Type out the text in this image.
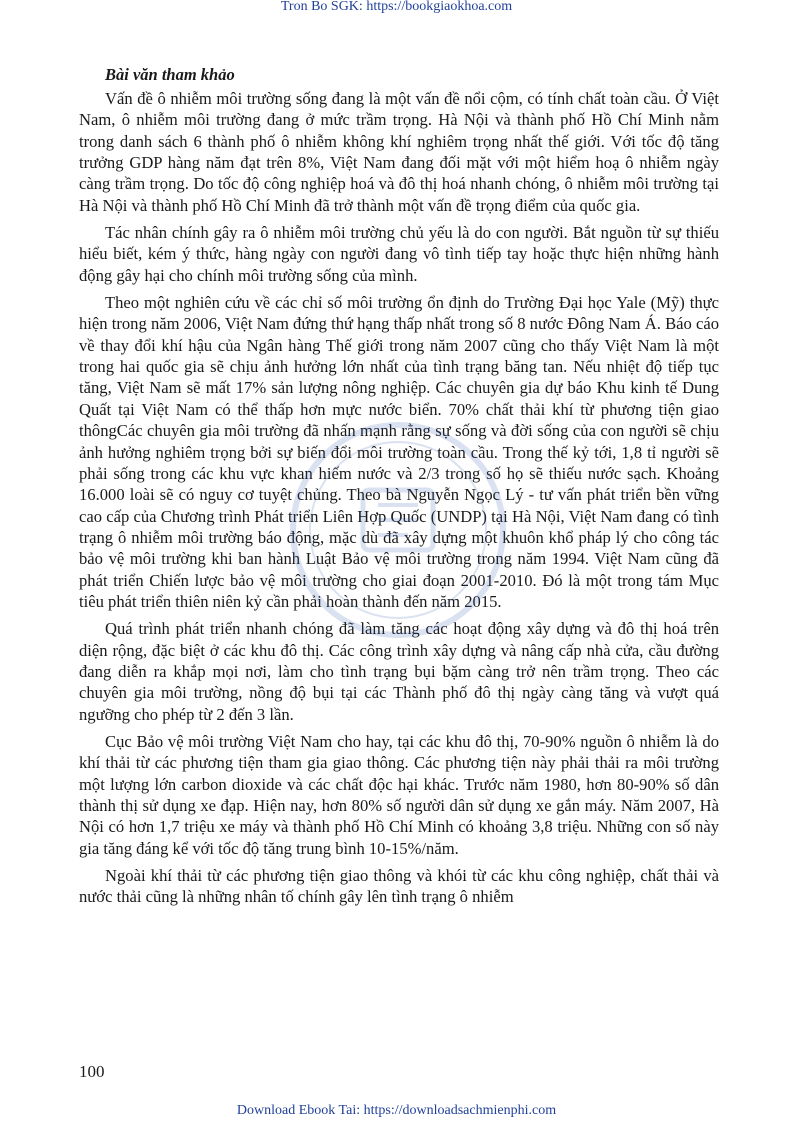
Tron Bo SGK: https://bookgiaokhoa.com
Bài văn tham khảo

Vấn đề ô nhiễm môi trường sống đang là một vấn đề nổi cộm, có tính chất toàn cầu. Ở Việt Nam, ô nhiễm môi trường đang ở mức trầm trọng. Hà Nội và thành phố Hồ Chí Minh nằm trong danh sách 6 thành phố ô nhiễm không khí nghiêm trọng nhất thế giới. Với tốc độ tăng trưởng GDP hàng năm đạt trên 8%, Việt Nam đang đối mặt với một hiểm hoạ ô nhiễm ngày càng trầm trọng. Do tốc độ công nghiệp hoá và đô thị hoá nhanh chóng, ô nhiễm môi trường tại Hà Nội và thành phố Hồ Chí Minh đã trở thành một vấn đề trọng điểm của quốc gia.

Tác nhân chính gây ra ô nhiễm môi trường chủ yếu là do con người. Bắt nguồn từ sự thiếu hiểu biết, kém ý thức, hàng ngày con người đang vô tình tiếp tay hoặc thực hiện những hành động gây hại cho chính môi trường sống của mình.

Theo một nghiên cứu về các chỉ số môi trường ổn định do Trường Đại học Yale (Mỹ) thực hiện trong năm 2006, Việt Nam đứng thứ hạng thấp nhất trong số 8 nước Đông Nam Á. Báo cáo về thay đổi khí hậu của Ngân hàng Thế giới trong năm 2007 cũng cho thấy Việt Nam là một trong hai quốc gia sẽ chịu ảnh hưởng lớn nhất của tình trạng băng tan. Nếu nhiệt độ tiếp tục tăng, Việt Nam sẽ mất 17% sản lượng nông nghiệp. Các chuyên gia dự báo Khu kinh tế Dung Quất tại Việt Nam có thể thấp hơn mực nước biển. 70% chất thải khí từ phương tiện giao thôngCác chuyên gia môi trường đã nhấn mạnh rằng sự sống và đời sống của con người sẽ chịu ảnh hưởng nghiêm trọng bởi sự biến đổi môi trường toàn cầu. Trong thế kỷ tới, 1,8 tỉ người sẽ phải sống trong các khu vực khan hiếm nước và 2/3 trong số họ sẽ thiếu nước sạch. Khoảng 16.000 loài sẽ có nguy cơ tuyệt chủng. Theo bà Nguyễn Ngọc Lý - tư vấn phát triển bền vững cao cấp của Chương trình Phát triển Liên Hợp Quốc (UNDP) tại Hà Nội, Việt Nam đang có tình trạng ô nhiễm môi trường báo động, mặc dù đã xây dựng một khuôn khổ pháp lý cho công tác bảo vệ môi trường khi ban hành Luật Bảo vệ môi trường trong năm 1994. Việt Nam cũng đã phát triển Chiến lược bảo vệ môi trường cho giai đoạn 2001-2010. Đó là một trong tám Mục tiêu phát triển thiên niên kỷ cần phải hoàn thành đến năm 2015.

Quá trình phát triển nhanh chóng đã làm tăng các hoạt động xây dựng và đô thị hoá trên diện rộng, đặc biệt ở các khu đô thị. Các công trình xây dựng và nâng cấp nhà cửa, cầu đường đang diễn ra khắp mọi nơi, làm cho tình trạng bụi bặm càng trở nên trầm trọng. Theo các chuyên gia môi trường, nồng độ bụi tại các Thành phố đô thị ngày càng tăng và vượt quá ngưỡng cho phép từ 2 đến 3 lần.

Cục Bảo vệ môi trường Việt Nam cho hay, tại các khu đô thị, 70-90% nguồn ô nhiễm là do khí thải từ các phương tiện tham gia giao thông. Các phương tiện này phải thải ra môi trường một lượng lớn carbon dioxide và các chất độc hại khác. Trước năm 1980, hơn 80-90% số dân thành thị sử dụng xe đạp. Hiện nay, hơn 80% số người dân sử dụng xe gắn máy. Năm 2007, Hà Nội có hơn 1,7 triệu xe máy và thành phố Hồ Chí Minh có khoảng 3,8 triệu. Những con số này gia tăng đáng kể với tốc độ tăng trung bình 10-15%/năm.

Ngoài khí thải từ các phương tiện giao thông và khói từ các khu công nghiệp, chất thải và nước thải cũng là những nhân tố chính gây lên tình trạng ô nhiễm

100
Download Ebook Tai: https://downloadsachmienphi.com
